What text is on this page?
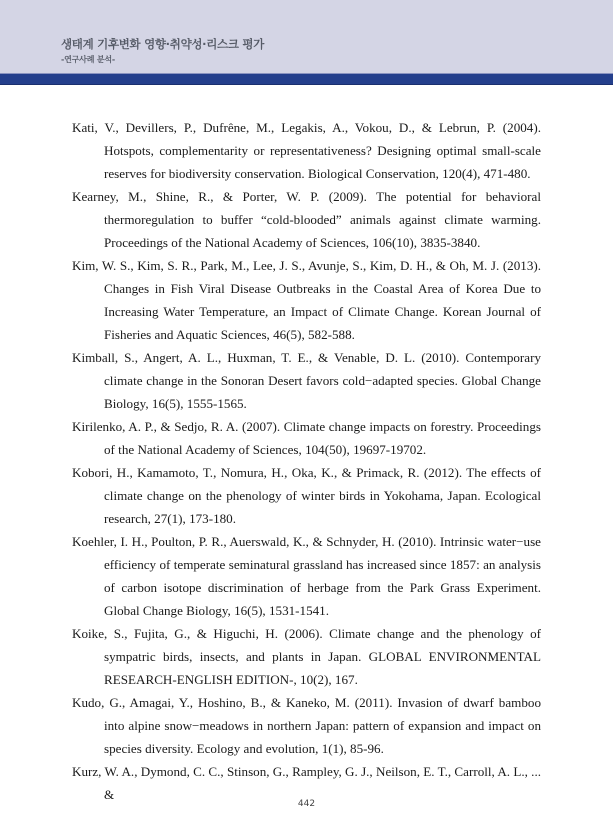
생태계 기후변화 영향·취약성·리스크 평가
-연구사례 분석-

Kati, V., Devillers, P., Dufrêne, M., Legakis, A., Vokou, D., & Lebrun, P. (2004). Hotspots, complementarity or representativeness? Designing optimal small-scale reserves for biodiversity conservation. Biological Conservation, 120(4), 471-480.

Kearney, M., Shine, R., & Porter, W. P. (2009). The potential for behavioral thermoregulation to buffer “cold-blooded” animals against climate warming. Proceedings of the National Academy of Sciences, 106(10), 3835-3840.

Kim, W. S., Kim, S. R., Park, M., Lee, J. S., Avunje, S., Kim, D. H., & Oh, M. J. (2013). Changes in Fish Viral Disease Outbreaks in the Coastal Area of Korea Due to Increasing Water Temperature, an Impact of Climate Change. Korean Journal of Fisheries and Aquatic Sciences, 46(5), 582-588.

Kimball, S., Angert, A. L., Huxman, T. E., & Venable, D. L. (2010). Contemporary climate change in the Sonoran Desert favors cold−adapted species. Global Change Biology, 16(5), 1555-1565.

Kirilenko, A. P., & Sedjo, R. A. (2007). Climate change impacts on forestry. Proceedings of the National Academy of Sciences, 104(50), 19697-19702.

Kobori, H., Kamamoto, T., Nomura, H., Oka, K., & Primack, R. (2012). The effects of climate change on the phenology of winter birds in Yokohama, Japan. Ecological research, 27(1), 173-180.

Koehler, I. H., Poulton, P. R., Auerswald, K., & Schnyder, H. (2010). Intrinsic water−use efficiency of temperate seminatural grassland has increased since 1857: an analysis of carbon isotope discrimination of herbage from the Park Grass Experiment. Global Change Biology, 16(5), 1531-1541.

Koike, S., Fujita, G., & Higuchi, H. (2006). Climate change and the phenology of sympatric birds, insects, and plants in Japan. GLOBAL ENVIRONMENTAL RESEARCH-ENGLISH EDITION-, 10(2), 167.

Kudo, G., Amagai, Y., Hoshino, B., & Kaneko, M. (2011). Invasion of dwarf bamboo into alpine snow−meadows in northern Japan: pattern of expansion and impact on species diversity. Ecology and evolution, 1(1), 85-96.

Kurz, W. A., Dymond, C. C., Stinson, G., Rampley, G. J., Neilson, E. T., Carroll, A. L., ... &

442
